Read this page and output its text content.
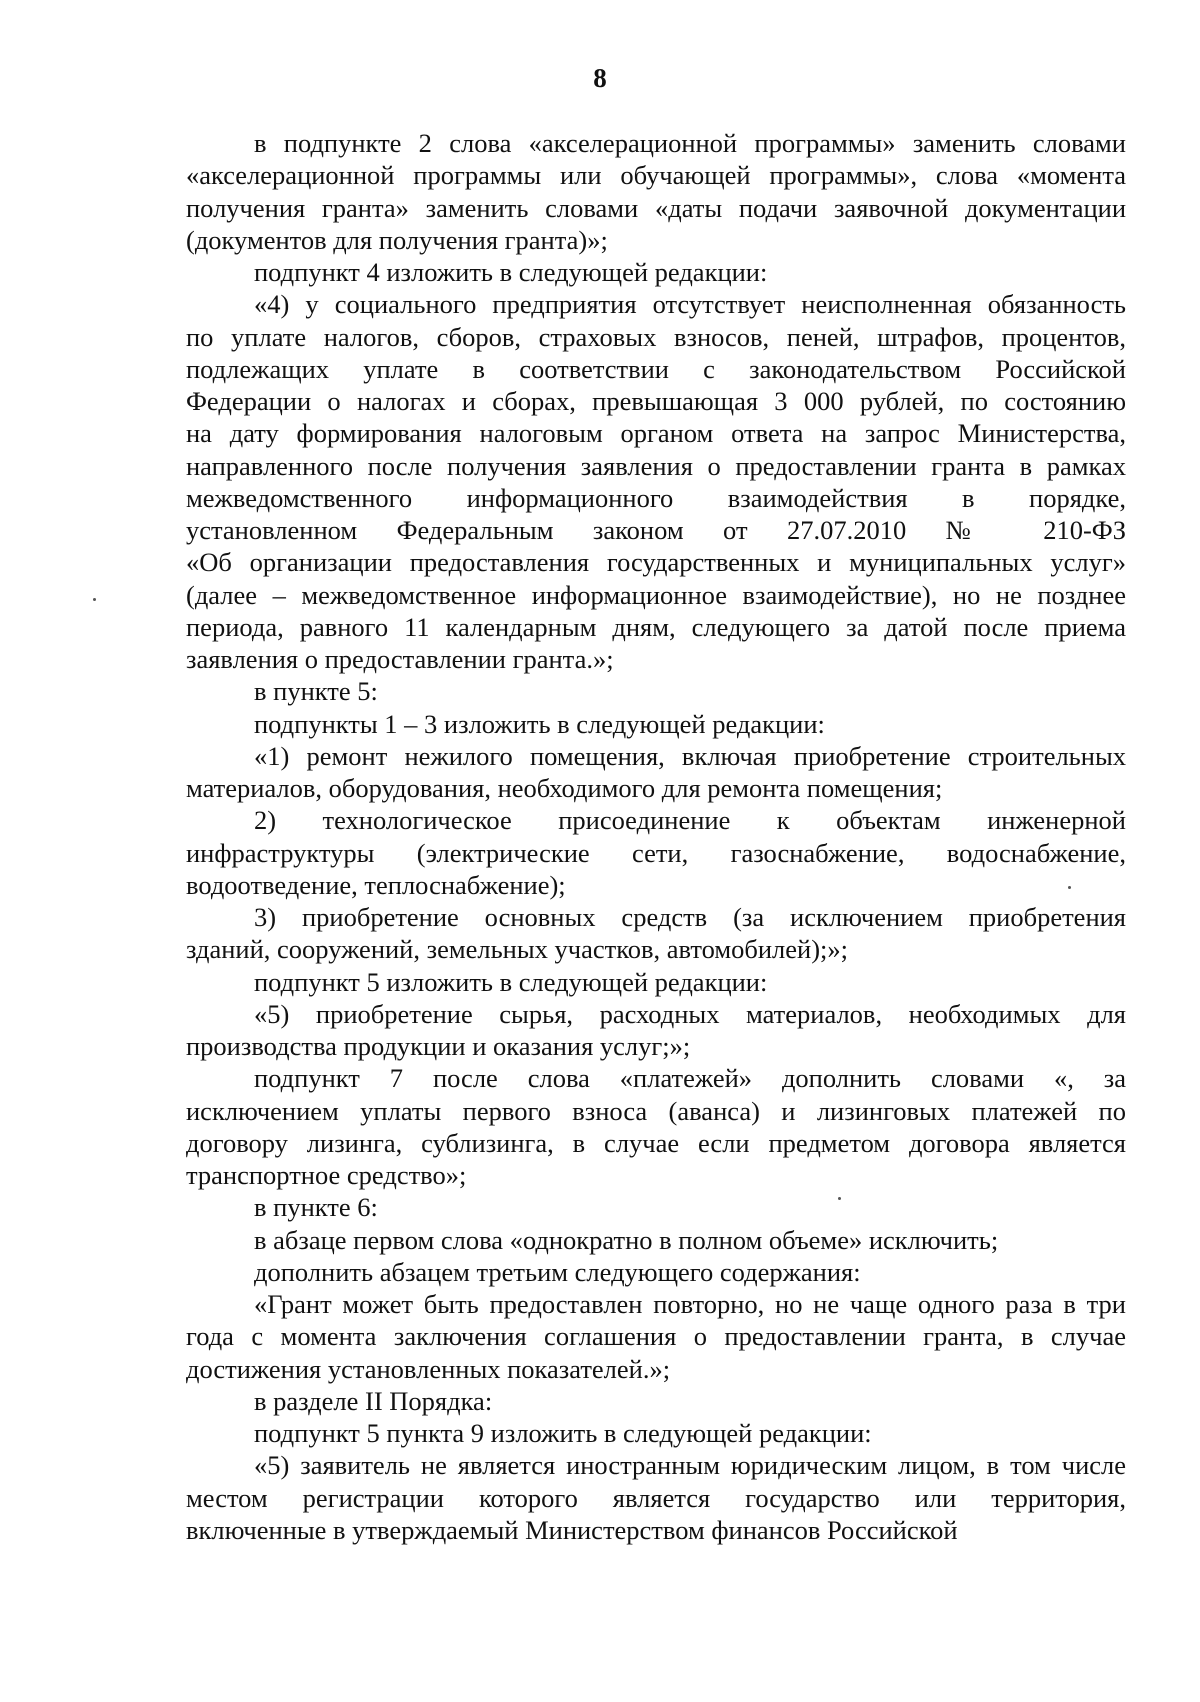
8
в подпункте 2 слова «акселерационной программы» заменить словами
«акселерационной программы или обучающей программы», слова «момента
получения гранта» заменить словами «даты подачи заявочной документации
(документов для получения гранта)»;
подпункт 4 изложить в следующей редакции:
«4) у социального предприятия отсутствует неисполненная обязанность
по уплате налогов, сборов, страховых взносов, пеней, штрафов, процентов,
подлежащих уплате в соответствии с законодательством Российской
Федерации о налогах и сборах, превышающая 3 000 рублей, по состоянию
на дату формирования налоговым органом ответа на запрос Министерства,
направленного после получения заявления о предоставлении гранта в рамках
межведомственного информационного взаимодействия в порядке,
установленном Федеральным законом от 27.07.2010 № 210-ФЗ
«Об организации предоставления государственных и муниципальных услуг»
(далее – межведомственное информационное взаимодействие), но не позднее
периода, равного 11 календарным дням, следующего за датой после приема
заявления о предоставлении гранта.»;
в пункте 5:
подпункты 1 – 3 изложить в следующей редакции:
«1) ремонт нежилого помещения, включая приобретение строительных
материалов, оборудования, необходимого для ремонта помещения;
2) технологическое присоединение к объектам инженерной
инфраструктуры (электрические сети, газоснабжение, водоснабжение,
водоотведение, теплоснабжение);
3) приобретение основных средств (за исключением приобретения
зданий, сооружений, земельных участков, автомобилей);»;
подпункт 5 изложить в следующей редакции:
«5) приобретение сырья, расходных материалов, необходимых для
производства продукции и оказания услуг;»;
подпункт 7 после слова «платежей» дополнить словами «, за
исключением уплаты первого взноса (аванса) и лизинговых платежей по
договору лизинга, сублизинга, в случае если предметом договора является
транспортное средство»;
в пункте 6:
в абзаце первом слова «однократно в полном объеме» исключить;
дополнить абзацем третьим следующего содержания:
«Грант может быть предоставлен повторно, но не чаще одного раза в три
года с момента заключения соглашения о предоставлении гранта, в случае
достижения установленных показателей.»;
в разделе II Порядка:
подпункт 5 пункта 9 изложить в следующей редакции:
«5) заявитель не является иностранным юридическим лицом, в том числе
местом регистрации которого является государство или территория,
включенные в утверждаемый Министерством финансов Российской
